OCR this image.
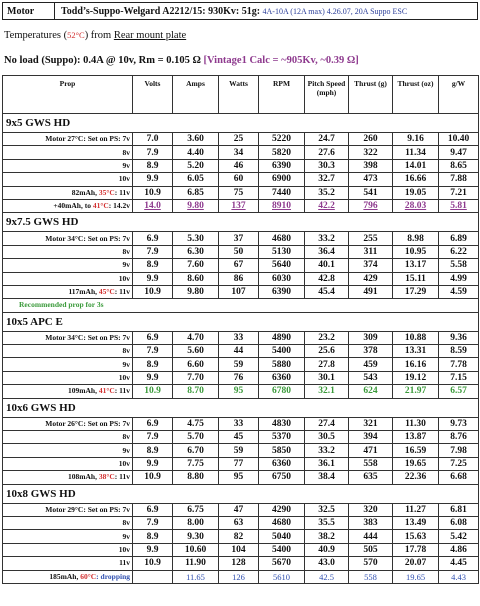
Motor	Todd’s-Suppo-Welgard A2212/15: 930Kv: 51g: 4A-10A (12A max) 4.26.07, 20A Suppo ESC
Temperatures (52°C) from Rear mount plate
No load (Suppo): 0.4A @ 10v, Rm = 0.105 Ω [Vintage1 Calc = ~905Kv, ~0.39 Ω]
Prop	Volts	Amps	Watts	RPM	Pitch Speed (mph)	Thrust (g)	Thrust (oz)	g/W
9x5 GWS HD								
Motor 27°C: Set on PS: 7v	7.0	3.60	25	5220	24.7	260	9.16	10.40
8v	7.9	4.40	34	5820	27.6	322	11.34	9.47
9v	8.9	5.20	46	6390	30.3	398	14.01	8.65
10v	9.9	6.05	60	6900	32.7	473	16.66	7.88
82mAh, 35°C: 11v	10.9	6.85	75	7440	35.2	541	19.05	7.21
+40mAh, to 41°C: 14.2v	14.0	9.80	137	8910	42.2	796	28.03	5.81
9x7.5 GWS HD								
Motor 34°C: Set on PS: 7v	6.9	5.30	37	4680	33.2	255	8.98	6.89
8v	7.9	6.30	50	5130	36.4	311	10.95	6.22
9v	8.9	7.60	67	5640	40.1	374	13.17	5.58
10v	9.9	8.60	86	6030	42.8	429	15.11	4.99
117mAh, 45°C: 11v	10.9	9.80	107	6390	45.4	491	17.29	4.59
Recommended prop for 3s								
10x5 APC E								
Motor 34°C: Set on PS: 7v	6.9	4.70	33	4890	23.2	309	10.88	9.36
8v	7.9	5.60	44	5400	25.6	378	13.31	8.59
9v	8.9	6.60	59	5880	27.8	459	16.16	7.78
10v	9.9	7.70	76	6360	30.1	543	19.12	7.15
109mAh, 41°C: 11v	10.9	8.70	95	6780	32.1	624	21.97	6.57
10x6 GWS HD								
Motor 26°C: Set on PS: 7v	6.9	4.75	33	4830	27.4	321	11.30	9.73
8v	7.9	5.70	45	5370	30.5	394	13.87	8.76
9v	8.9	6.70	59	5850	33.2	471	16.59	7.98
10v	9.9	7.75	77	6360	36.1	558	19.65	7.25
108mAh, 38°C: 11v	10.9	8.80	95	6750	38.4	635	22.36	6.68
10x8 GWS HD								
Motor 29°C: Set on PS: 7v	6.9	6.75	47	4290	32.5	320	11.27	6.81
8v	7.9	8.00	63	4680	35.5	383	13.49	6.08
9v	8.9	9.30	82	5040	38.2	444	15.63	5.42
10v	9.9	10.60	104	5400	40.9	505	17.78	4.86
11v	10.9	11.90	128	5670	43.0	570	20.07	4.45
185mAh, 60°C: dropping		11.65	126	5610	42.5	558	19.65	4.43
